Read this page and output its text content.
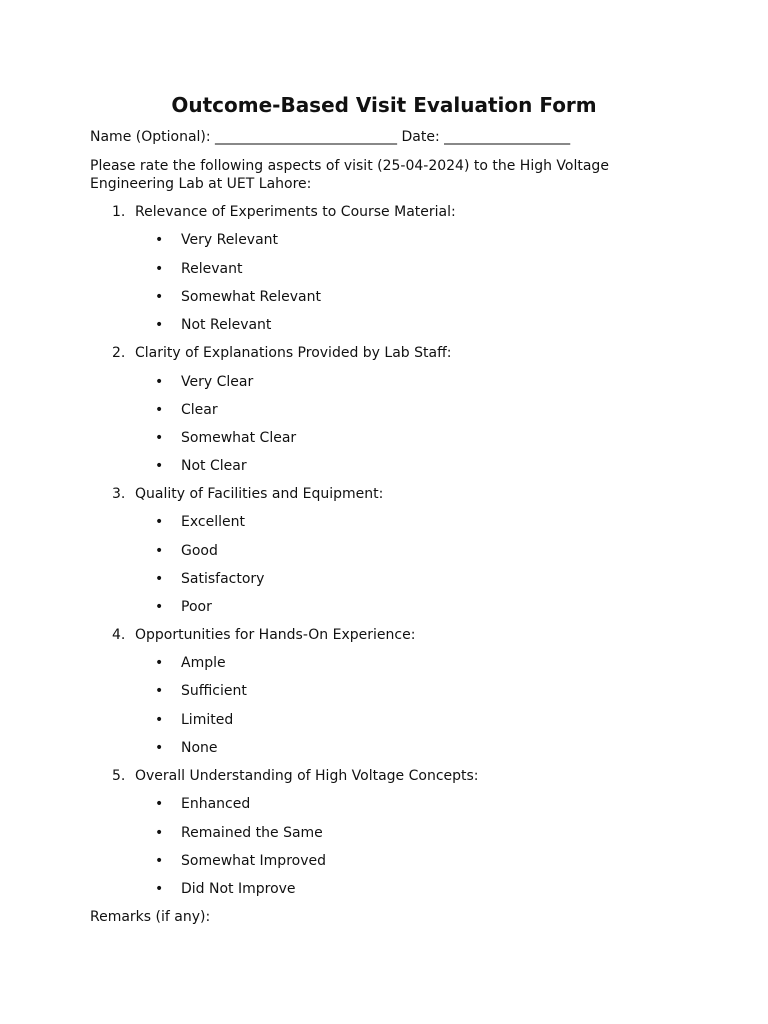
Outcome-Based Visit Evaluation Form
Name (Optional): __________________________ Date: __________________
Please rate the following aspects of visit (25-04-2024) to the High Voltage Engineering Lab at UET Lahore:
1. Relevance of Experiments to Course Material:
• Very Relevant
• Relevant
• Somewhat Relevant
• Not Relevant
2. Clarity of Explanations Provided by Lab Staff:
• Very Clear
• Clear
• Somewhat Clear
• Not Clear
3. Quality of Facilities and Equipment:
• Excellent
• Good
• Satisfactory
• Poor
4. Opportunities for Hands-On Experience:
• Ample
• Sufficient
• Limited
• None
5. Overall Understanding of High Voltage Concepts:
• Enhanced
• Remained the Same
• Somewhat Improved
• Did Not Improve
Remarks (if any):
